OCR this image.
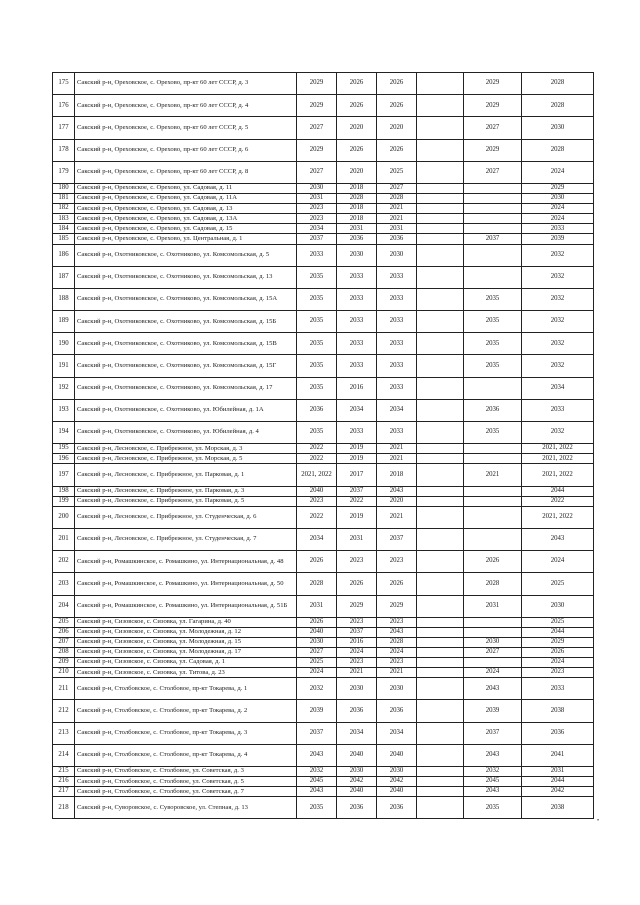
175	Сакский р-н, Ореховское, с. Орехово, пр-кт 60 лет СССР, д. 3	2029	2026	2026		2029	2028
176	Сакский р-н, Ореховское, с. Орехово, пр-кт 60 лет СССР, д. 4	2029	2026	2026		2029	2028
177	Сакский р-н, Ореховское, с. Орехово, пр-кт 60 лет СССР, д. 5	2027	2020	2020		2027	2030
178	Сакский р-н, Ореховское, с. Орехово, пр-кт 60 лет СССР, д. 6	2029	2026	2026		2029	2028
179	Сакский р-н, Ореховское, с. Орехово, пр-кт 60 лет СССР, д. 8	2027	2020	2025		2027	2024
180	Сакский р-н, Ореховское, с. Орехово, ул. Садовая, д. 11	2030	2018	2027			2029
181	Сакский р-н, Ореховское, с. Орехово, ул. Садовая, д. 11А	2031	2028	2028			2030
182	Сакский р-н, Ореховское, с. Орехово, ул. Садовая, д. 13	2023	2018	2021			2024
183	Сакский р-н, Ореховское, с. Орехово, ул. Садовая, д. 13А	2023	2018	2021			2024
184	Сакский р-н, Ореховское, с. Орехово, ул. Садовая, д. 15	2034	2031	2031			2033
185	Сакский р-н, Ореховское, с. Орехово, ул. Центральная, д. 1	2037	2036	2036		2037	2039
186	Сакский р-н, Охотниковское, с. Охотниково, ул. Комсомольская, д. 5	2033	2030	2030			2032
187	Сакский р-н, Охотниковское, с. Охотниково, ул. Комсомольская, д. 13	2035	2033	2033			2032
188	Сакский р-н, Охотниковское, с. Охотниково, ул. Комсомольская, д. 15А	2035	2033	2033		2035	2032
189	Сакский р-н, Охотниковское, с. Охотниково, ул. Комсомольская, д. 15Б	2035	2033	2033		2035	2032
190	Сакский р-н, Охотниковское, с. Охотниково, ул. Комсомольская, д. 15В	2035	2033	2033		2035	2032
191	Сакский р-н, Охотниковское, с. Охотниково, ул. Комсомольская, д. 15Г	2035	2033	2033		2035	2032
192	Сакский р-н, Охотниковское, с. Охотниково, ул. Комсомольская, д. 17	2035	2016	2033			2034
193	Сакский р-н, Охотниковское, с. Охотниково, ул. Юбилейная, д. 1А	2036	2034	2034		2036	2033
194	Сакский р-н, Охотниковское, с. Охотниково, ул. Юбилейная, д. 4	2035	2033	2033		2035	2032
195	Сакский р-н, Лесновское, с. Прибрежное, ул. Морская, д. 3	2022	2019	2021			2021, 2022
196	Сакский р-н, Лесновское, с. Прибрежное, ул. Морская, д. 5	2022	2019	2021			2021, 2022
197	Сакский р-н, Лесновское, с. Прибрежное, ул. Парковая, д. 1	2021, 2022	2017	2018		2021	2021, 2022
198	Сакский р-н, Лесновское, с. Прибрежное, ул. Парковая, д. 3	2040	2037	2043			2044
199	Сакский р-н, Лесновское, с. Прибрежное, ул. Парковая, д. 5	2023	2022	2020			2022
200	Сакский р-н, Лесновское, с. Прибрежное, ул. Студенческая, д. 6	2022	2019	2021			2021, 2022
201	Сакский р-н, Лесновское, с. Прибрежное, ул. Студенческая, д. 7	2034	2031	2037			2043
202	Сакский р-н, Ромашкинское, с. Ромашкино, ул. Интернациональная, д. 48	2026	2023	2023		2026	2024
203	Сакский р-н, Ромашкинское, с. Ромашкино, ул. Интернациональная, д. 50	2028	2026	2026		2028	2025
204	Сакский р-н, Ромашкинское, с. Ромашкино, ул. Интернациональная, д. 51Б	2031	2029	2029		2031	2030
205	Сакский р-н, Сизовское, с. Сизовка, ул. Гагарина, д. 40	2026	2023	2023			2025
206	Сакский р-н, Сизовское, с. Сизовка, ул. Молодежная, д. 12	2040	2037	2043			2044
207	Сакский р-н, Сизовское, с. Сизовка, ул. Молодежная, д. 15	2030	2016	2028		2030	2029
208	Сакский р-н, Сизовское, с. Сизовка, ул. Молодежная, д. 17	2027	2024	2024		2027	2026
209	Сакский р-н, Сизовское, с. Сизовка, ул. Садовая, д. 1	2025	2023	2023			2024
210	Сакский р-н, Сизовское, с. Сизовка, ул. Титова, д. 23	2024	2021	2021		2024	2023
211	Сакский р-н, Столбовское, с. Столбовое, пр-кт Токарева, д. 1	2032	2030	2030		2043	2033
212	Сакский р-н, Столбовское, с. Столбовое, пр-кт Токарева, д. 2	2039	2036	2036		2039	2038
213	Сакский р-н, Столбовское, с. Столбовое, пр-кт Токарева, д. 3	2037	2034	2034		2037	2036
214	Сакский р-н, Столбовское, с. Столбовое, пр-кт Токарева, д. 4	2043	2040	2040		2043	2041
215	Сакский р-н, Столбовское, с. Столбовое, ул. Советская, д. 3	2032	2030	2030		2032	2031
216	Сакский р-н, Столбовское, с. Столбовое, ул. Советская, д. 5	2045	2042	2042		2045	2044
217	Сакский р-н, Столбовское, с. Столбовое, ул. Советская, д. 7	2043	2040	2040		2043	2042
218	Сакский р-н, Суворовское, с. Суворовское, ул. Степная, д. 13	2035	2036	2036		2035	2038
•
